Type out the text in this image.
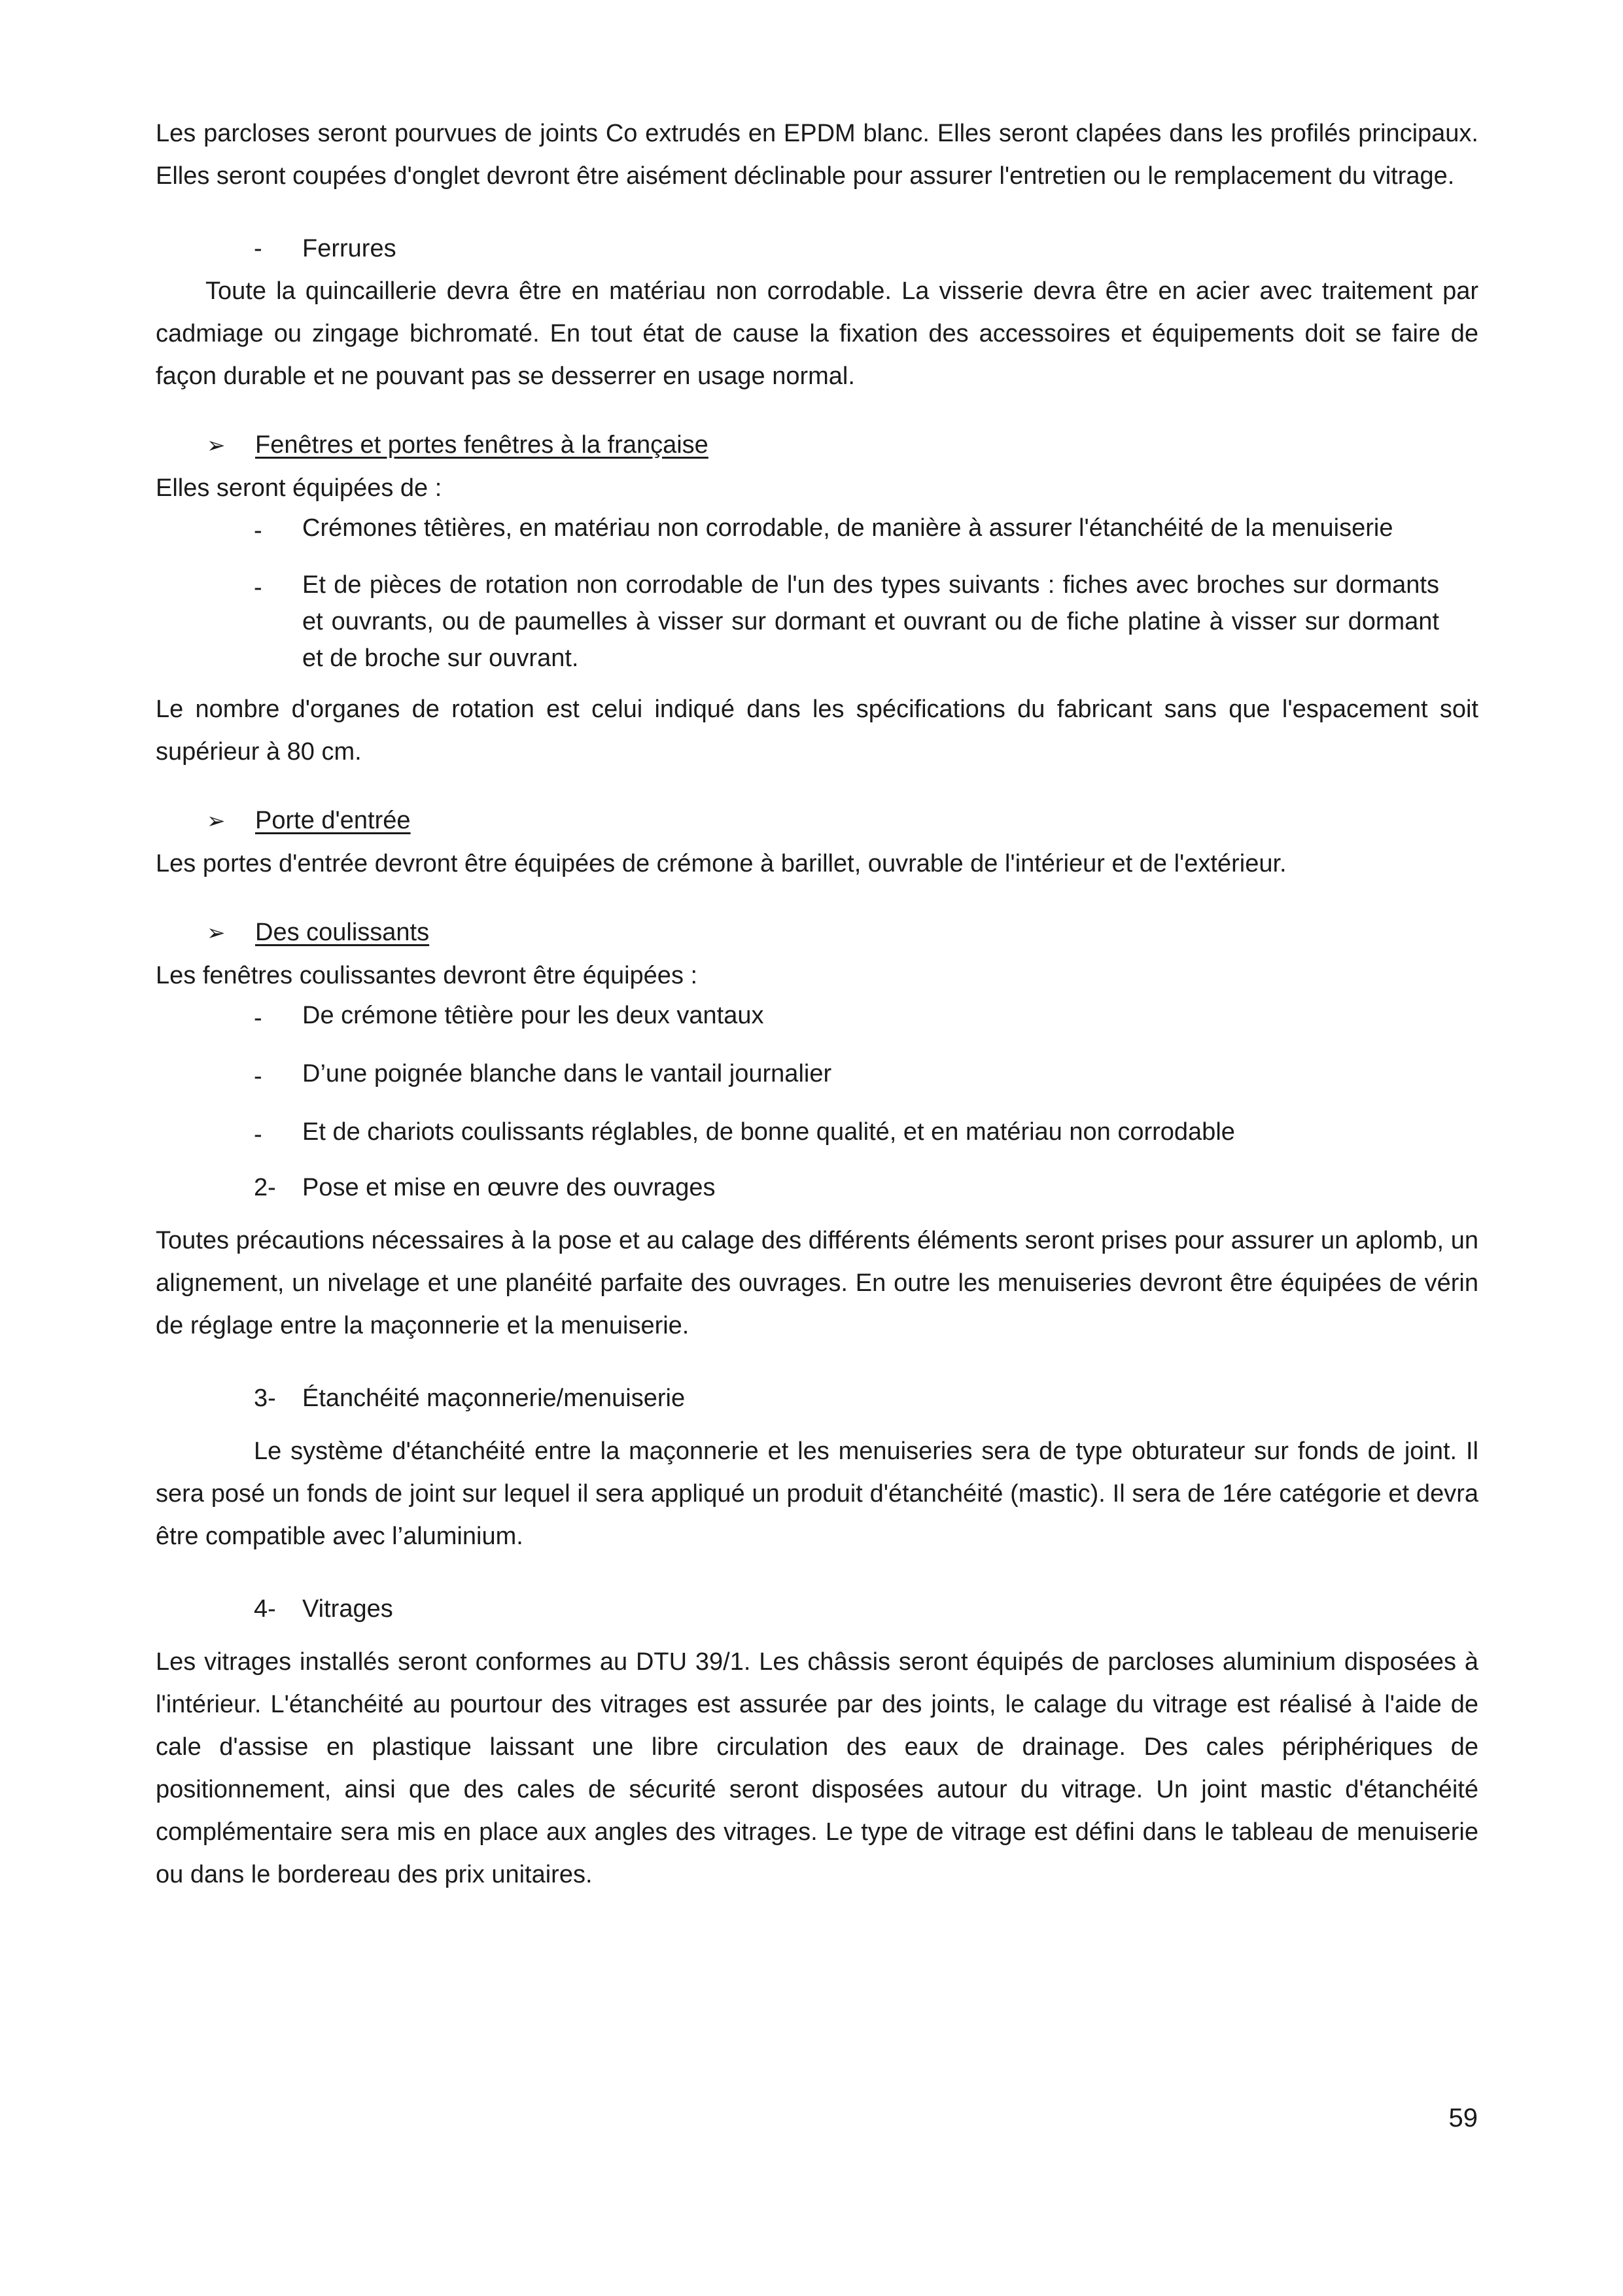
Les parcloses seront pourvues de joints Co extrudés en EPDM blanc. Elles seront clapées dans les profilés principaux. Elles seront coupées d'onglet devront être aisément déclinable pour assurer l'entretien ou le remplacement du vitrage.

-	Ferrures

Toute la quincaillerie devra être en matériau non corrodable. La visserie devra être en acier avec traitement par cadmiage ou zingage bichromaté. En tout état de cause la fixation des accessoires et équipements doit se faire de façon durable et ne pouvant pas se desserrer en usage normal.

➢	Fenêtres et portes fenêtres à la française

Elles seront équipées de :

-	Crémones têtières, en matériau non corrodable, de manière à assurer l'étanchéité de la menuiserie
-	Et de pièces de rotation non corrodable de l'un des types suivants : fiches avec broches sur dormants et ouvrants, ou de paumelles à visser sur dormant et ouvrant ou de fiche platine à visser sur dormant et de broche sur ouvrant.

Le nombre d'organes de rotation est celui indiqué dans les spécifications du fabricant sans que l'espacement soit supérieur à 80 cm.

➢	Porte d'entrée

Les portes d'entrée devront être équipées de crémone à barillet, ouvrable de l'intérieur et de l'extérieur.

➢	Des coulissants

Les fenêtres coulissantes devront être équipées :

-	De crémone têtière pour les deux vantaux
-	D’une poignée blanche dans le vantail journalier
-	Et de chariots coulissants réglables, de bonne qualité, et en matériau non corrodable
2-	Pose et mise en œuvre des ouvrages

Toutes précautions nécessaires à la pose et au calage des différents éléments seront prises pour assurer un aplomb, un alignement, un nivelage et une planéité parfaite des ouvrages. En outre les menuiseries devront être équipées de vérin de réglage entre la maçonnerie et la menuiserie.

3-	Étanchéité maçonnerie/menuiserie

Le système d'étanchéité entre la maçonnerie et les menuiseries sera de type obturateur sur fonds de joint. Il sera posé un fonds de joint sur lequel il sera appliqué un produit d'étanchéité (mastic). Il sera de 1ére catégorie et devra être compatible avec l’aluminium.

4-	Vitrages

Les vitrages installés seront conformes au DTU 39/1. Les châssis seront équipés de parcloses aluminium disposées à l'intérieur. L'étanchéité au pourtour des vitrages est assurée par des joints, le calage du vitrage est réalisé à l'aide de cale d'assise en plastique laissant une libre circulation des eaux de drainage. Des cales périphériques de positionnement, ainsi que des cales de sécurité seront disposées autour du vitrage. Un joint mastic d'étanchéité complémentaire sera mis en place aux angles des vitrages. Le type de vitrage est défini dans le tableau de menuiserie ou dans le bordereau des prix unitaires.

59
